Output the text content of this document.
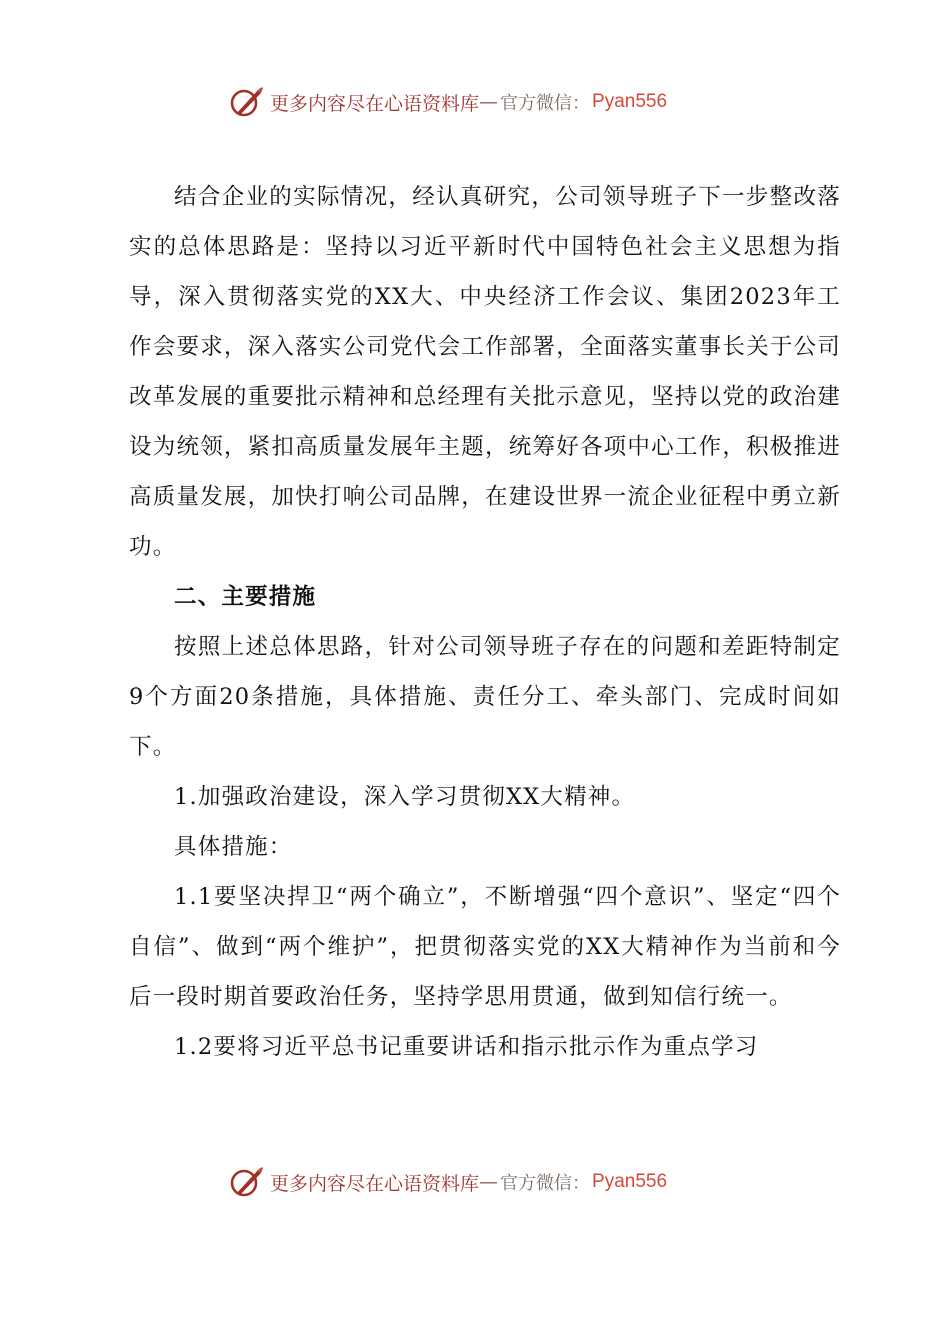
更多内容尽在心语资料库 — 官方微信： Pyan556

结合企业的实际情况，经认真研究，公司领导班子下一步整改落实的总体思路是：坚持以习近平新时代中国特色社会主义思想为指导，深入贯彻落实党的XX大、中央经济工作会议、集团2023年工作会要求，深入落实公司党代会工作部署，全面落实董事长关于公司改革发展的重要批示精神和总经理有关批示意见，坚持以党的政治建设为统领，紧扣高质量发展年主题，统筹好各项中心工作，积极推进高质量发展，加快打响公司品牌，在建设世界一流企业征程中勇立新功。

二、主要措施

按照上述总体思路，针对公司领导班子存在的问题和差距特制定9个方面20条措施，具体措施、责任分工、牵头部门、完成时间如下。

1.加强政治建设，深入学习贯彻XX大精神。

具体措施：

1.1要坚决捍卫“两个确立”，不断增强“四个意识”、坚定“四个自信”、做到“两个维护”，把贯彻落实党的XX大精神作为当前和今后一段时期首要政治任务，坚持学思用贯通，做到知信行统一。

1.2要将习近平总书记重要讲话和指示批示作为重点学习

更多内容尽在心语资料库 — 官方微信： Pyan556
